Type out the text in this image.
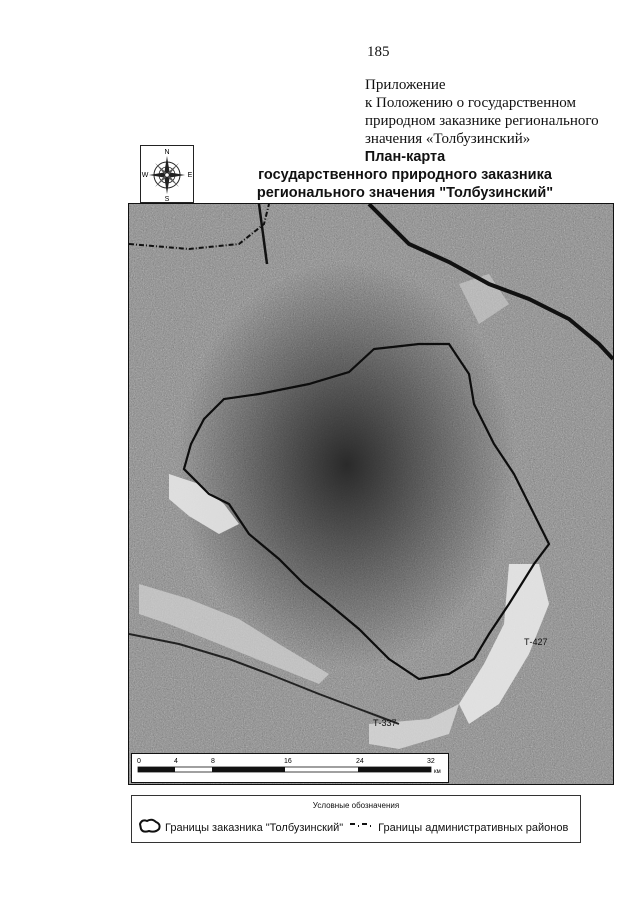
185
Приложение
к Положению о государственном
природном заказнике регионального
значения «Толбузинский»
N
S
E
W
План-карта
государственного природного заказника
регионального значения "Толбузинский"
Т-337
Т-427
0	4	8	16	24	32
км
Условные обозначения
Границы заказника "Толбузинский"	Границы административных районов
